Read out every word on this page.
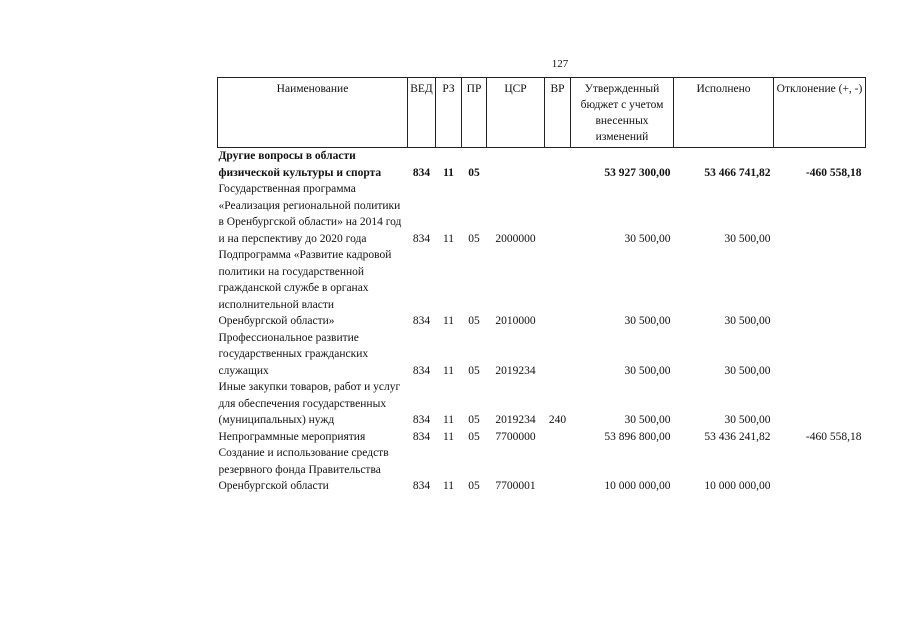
127
Наименование	ВЕД	РЗ	ПР	ЦСР	ВР	Утвержденный бюджет с учетом внесенных изменений	Исполнено	Отклонение (+, -)
Другие вопросы в области физической культуры и спорта	834	11	05			53 927 300,00	53 466 741,82	-460 558,18
Государственная программа «Реализация региональной политики в Оренбургской области» на 2014 год и на перспективу до 2020 года	834	11	05	2000000		30 500,00	30 500,00	
Подпрограмма «Развитие кадровой политики на государственной гражданской службе в органах исполнительной власти Оренбургской области»	834	11	05	2010000		30 500,00	30 500,00	
Профессиональное развитие государственных гражданских служащих	834	11	05	2019234		30 500,00	30 500,00	
Иные закупки товаров, работ и услуг для обеспечения государственных (муниципальных) нужд	834	11	05	2019234	240	30 500,00	30 500,00	
Непрограммные мероприятия	834	11	05	7700000		53 896 800,00	53 436 241,82	-460 558,18
Создание и использование средств резервного фонда Правительства Оренбургской области	834	11	05	7700001		10 000 000,00	10 000 000,00	
